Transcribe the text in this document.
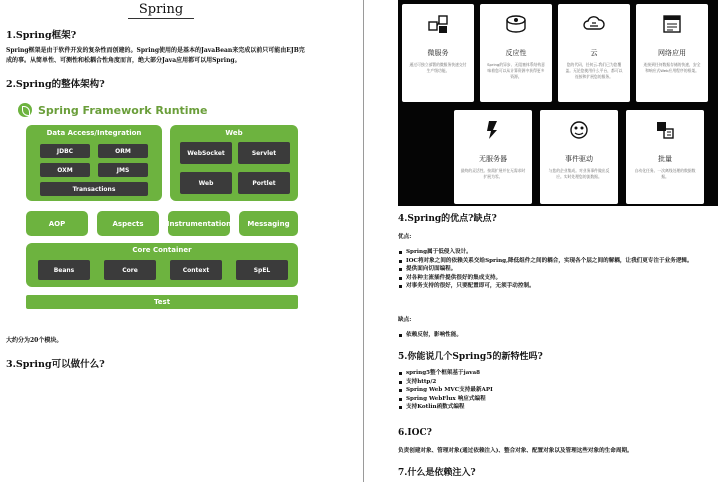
Spring
1.Spring框架?
Spring框架是由于软件开发的复杂性而创建的。Spring使用的是基本的JavaBean来完成以前只可能由EJB完成的事。从简单性、可测性和松耦合性角度而言，绝大部分Java应用都可以用Spring。
2.Spring的整体架构?
Spring Framework Runtime
Data Access/Integration
JDBC	ORM
OXM	JMS
Transactions
Web
WebSocket	Servlet
Web	Portlet
AOP	Aspects	Instrumentation	Messaging
Core Container
Beans	Core	Context	SpEL
Test
大约分为20个模块。
3.Spring可以做什么?
微服务
通过可独立部署的微服务快速交付生产级功能。
反应性
Spring的异步、无阻塞体系结构意味着您可以从计算资源中获得更多资源。
云
您的代码，任何云-我们已为您覆盖。无论您使用什么平台，都可以连接和扩展您的服务。
网络应用
连接到任何数据存储的快速，安全和响应式Web应用程序的框架。
无服务器
最终的灵活性。按需扩展并在无需求时扩展为零。
事件驱动
与您的企业集成。对业务事件做出反应。实时处理您的流数据。
批量
自动化任务。一次离线处理的数据数据。
4.Spring的优点?缺点?
优点:
Spring属于低侵入设计。
IOC将对象之间的依赖关系交给Spring,降低组件之间的耦合，实现各个层之间的解耦，让我们更专注于业务逻辑。
提供面向切面编程。
对各种主流插件提供很好的集成支持。
对事务支持的很好，只要配置即可，无须手动控制。
缺点:
依赖反射，影响性能。
5.你能说几个Spring5的新特性吗?
spring5整个框架基于java8
支持http/2
Spring Web MVC支持最新API
Spring WebFlux 响应式编程
支持Kotlin函数式编程
6.IOC?
负责创建对象、管理对象(通过依赖注入)、整合对象、配置对象以及管理这些对象的生命周期。
7.什么是依赖注入?
